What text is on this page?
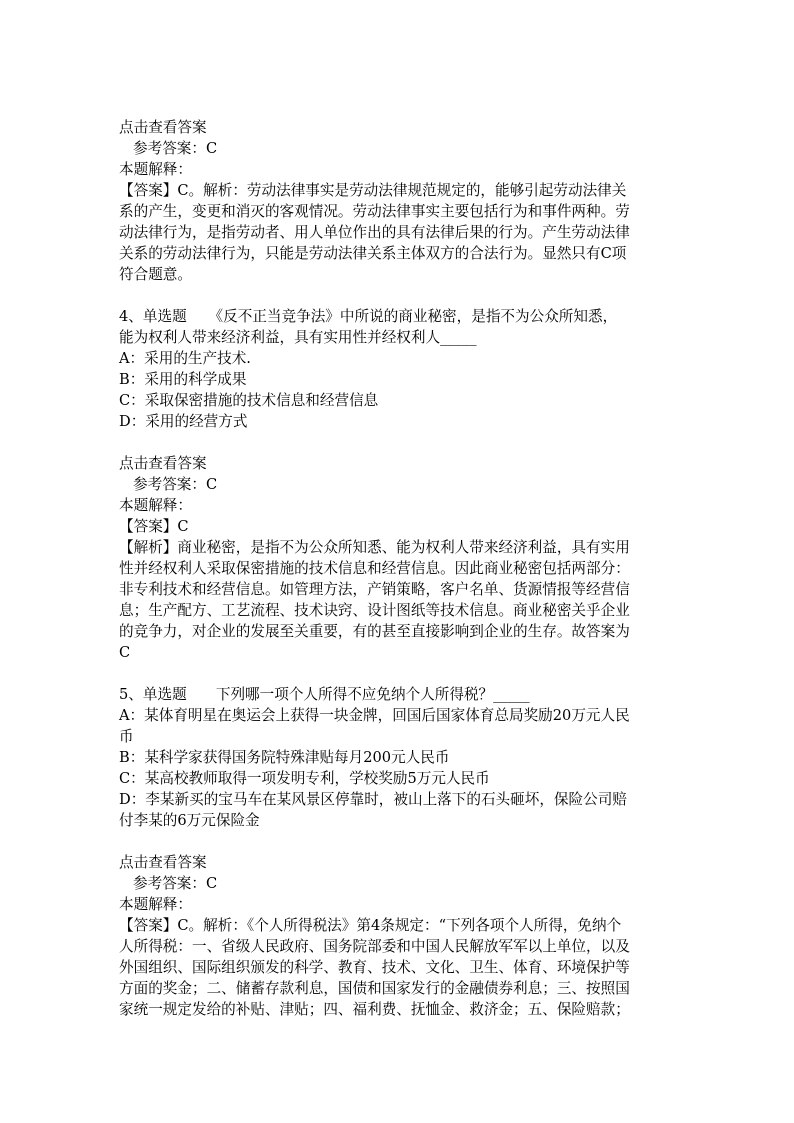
点击查看答案
参考答案：C
本题解释：
【答案】C。解析：劳动法律事实是劳动法律规范规定的，能够引起劳动法律关
系的产生，变更和消灭的客观情况。劳动法律事实主要包括行为和事件两种。劳
动法律行为，是指劳动者、用人单位作出的具有法律后果的行为。产生劳动法律
关系的劳动法律行为，只能是劳动法律关系主体双方的合法行为。显然只有C项
符合题意。
4、单选题　　《反不正当竞争法》中所说的商业秘密，是指不为公众所知悉，
能为权利人带来经济利益，具有实用性并经权利人_____
A：采用的生产技术.
B：采用的科学成果
C：采取保密措施的技术信息和经营信息
D：采用的经营方式
点击查看答案
参考答案：C
本题解释：
【答案】C
【解析】商业秘密，是指不为公众所知悉、能为权利人带来经济利益，具有实用
性并经权利人采取保密措施的技术信息和经营信息。因此商业秘密包括两部分：
非专利技术和经营信息。如管理方法，产销策略，客户名单、货源情报等经营信
息；生产配方、工艺流程、技术诀窍、设计图纸等技术信息。商业秘密关乎企业
的竞争力，对企业的发展至关重要，有的甚至直接影响到企业的生存。故答案为
C
5、单选题　　下列哪一项个人所得不应免纳个人所得税？_____
A：某体育明星在奥运会上获得一块金牌，回国后国家体育总局奖励20万元人民
币
B：某科学家获得国务院特殊津贴每月200元人民币
C：某高校教师取得一项发明专利，学校奖励5万元人民币
D：李某新买的宝马车在某风景区停靠时，被山上落下的石头砸坏，保险公司赔
付李某的6万元保险金
点击查看答案
参考答案：C
本题解释：
【答案】C。解析：《个人所得税法》第4条规定：“下列各项个人所得，免纳个
人所得税：一、省级人民政府、国务院部委和中国人民解放军军以上单位，以及
外国组织、国际组织颁发的科学、教育、技术、文化、卫生、体育、环境保护等
方面的奖金；二、储蓄存款利息，国债和国家发行的金融债券利息；三、按照国
家统一规定发给的补贴、津贴；四、福利费、抚恤金、救济金；五、保险赔款；
